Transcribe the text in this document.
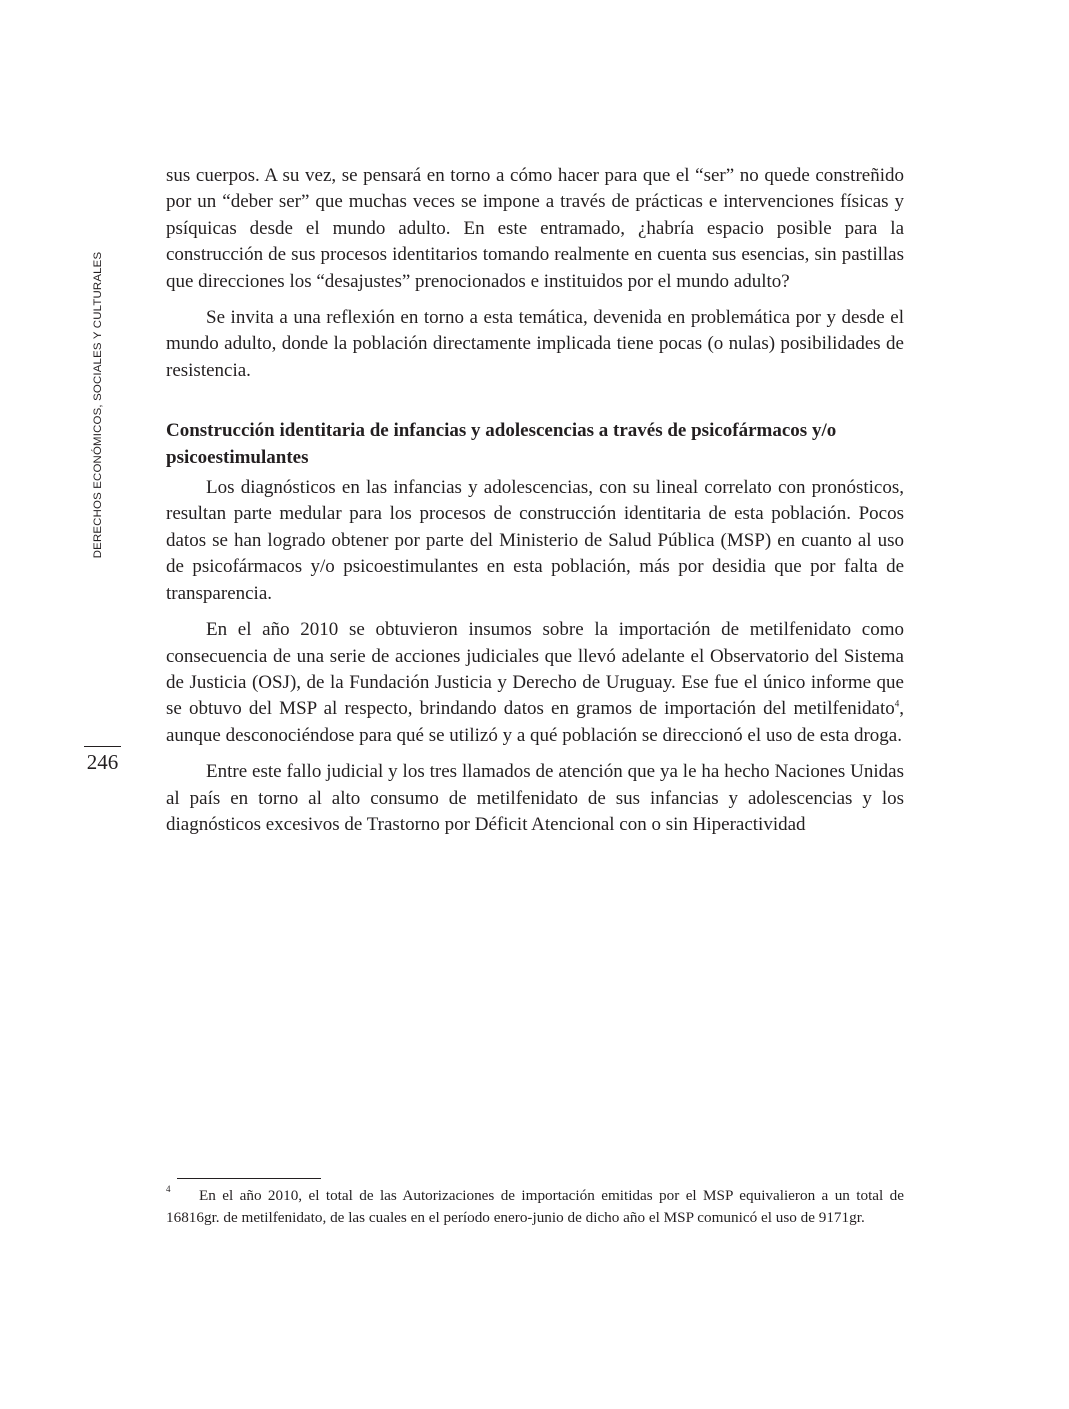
DERECHOS ECONÓMICOS, SOCIALES Y CULTURALES
246

sus cuerpos. A su vez, se pensará en torno a cómo hacer para que el “ser” no quede constreñido por un “deber ser” que muchas veces se impone a través de prácticas e intervenciones físicas y psíquicas desde el mundo adulto. En este entramado, ¿habría espacio posible para la construcción de sus procesos identitarios tomando realmente en cuenta sus esencias, sin pastillas que direcciones los “desajustes” prenocionados e instituidos por el mundo adulto?

Se invita a una reflexión en torno a esta temática, devenida en problemática por y desde el mundo adulto, donde la población directamente implicada tiene pocas (o nulas) posibilidades de resistencia.

Construcción identitaria de infancias y adolescencias a través de psicofármacos y/o psicoestimulantes

Los diagnósticos en las infancias y adolescencias, con su lineal correlato con pronósticos, resultan parte medular para los procesos de construcción identitaria de esta población. Pocos datos se han logrado obtener por parte del Ministerio de Salud Pública (MSP) en cuanto al uso de psicofármacos y/o psicoestimulantes en esta población, más por desidia que por falta de transparencia.

En el año 2010 se obtuvieron insumos sobre la importación de metilfenidato como consecuencia de una serie de acciones judiciales que llevó adelante el Observatorio del Sistema de Justicia (OSJ), de la Fundación Justicia y Derecho de Uruguay. Ese fue el único informe que se obtuvo del MSP al respecto, brindando datos en gramos de importación del metilfenidato$^4$, aunque desconociéndose para qué se utilizó y a qué población se direccionó el uso de esta droga.

Entre este fallo judicial y los tres llamados de atención que ya le ha hecho Naciones Unidas al país en torno al alto consumo de metilfenidato de sus infancias y adolescencias y los diagnósticos excesivos de Trastorno por Déficit Atencional con o sin Hiperactividad

4	En el año 2010, el total de las Autorizaciones de importación emitidas por el MSP equivalieron a un total de 16816gr. de metilfenidato, de las cuales en el período enero-junio de dicho año el MSP comunicó el uso de 9171gr.
